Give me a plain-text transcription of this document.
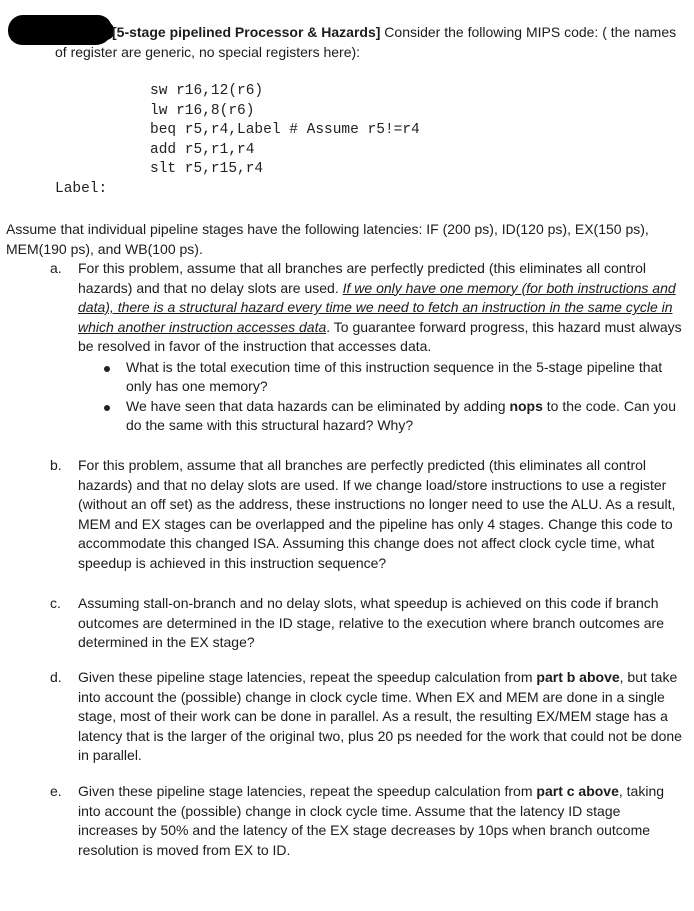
[5-stage pipelined Processor & Hazards] Consider the following MIPS code: ( the names
of register are generic, no special registers here):
sw r16,12(r6)
lw r16,8(r6)
beq r5,r4,Label # Assume r5!=r4
add r5,r1,r4
slt r5,r15,r4
Label:
Assume that individual pipeline stages have the following latencies: IF (200 ps), ID(120 ps), EX(150 ps), MEM(190 ps), and WB(100 ps).
a. For this problem, assume that all branches are perfectly predicted (this eliminates all control hazards) and that no delay slots are used. If we only have one memory (for both instructions and data), there is a structural hazard every time we need to fetch an instruction in the same cycle in which another instruction accesses data. To guarantee forward progress, this hazard must always be resolved in favor of the instruction that accesses data.
What is the total execution time of this instruction sequence in the 5-stage pipeline that only has one memory?
We have seen that data hazards can be eliminated by adding nops to the code. Can you do the same with this structural hazard? Why?
b. For this problem, assume that all branches are perfectly predicted (this eliminates all control hazards) and that no delay slots are used. If we change load/store instructions to use a register (without an off set) as the address, these instructions no longer need to use the ALU. As a result, MEM and EX stages can be overlapped and the pipeline has only 4 stages. Change this code to accommodate this changed ISA. Assuming this change does not affect clock cycle time, what speedup is achieved in this instruction sequence?
c. Assuming stall-on-branch and no delay slots, what speedup is achieved on this code if branch outcomes are determined in the ID stage, relative to the execution where branch outcomes are determined in the EX stage?
d. Given these pipeline stage latencies, repeat the speedup calculation from part b above, but take into account the (possible) change in clock cycle time. When EX and MEM are done in a single stage, most of their work can be done in parallel. As a result, the resulting EX/MEM stage has a latency that is the larger of the original two, plus 20 ps needed for the work that could not be done in parallel.
e. Given these pipeline stage latencies, repeat the speedup calculation from part c above, taking into account the (possible) change in clock cycle time. Assume that the latency ID stage increases by 50% and the latency of the EX stage decreases by 10ps when branch outcome resolution is moved from EX to ID.
